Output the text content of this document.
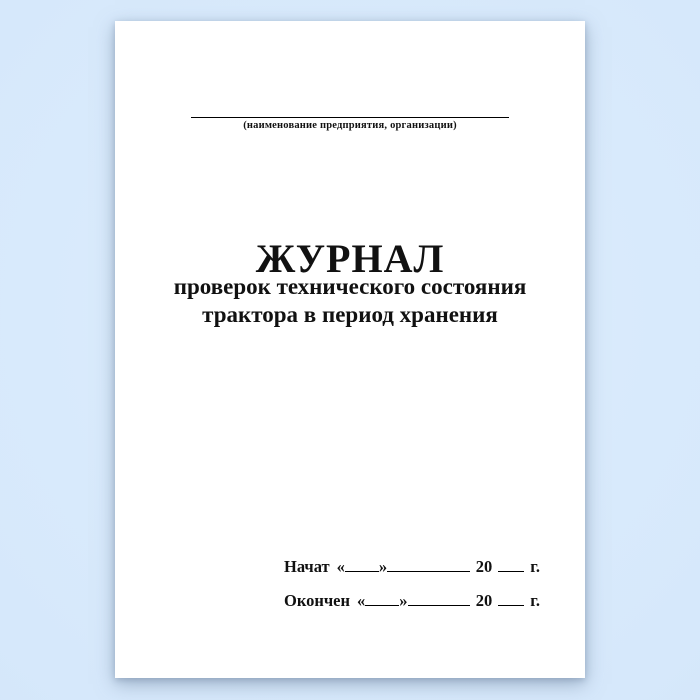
(наименование предприятия, организации)
ЖУРНАЛ
проверок технического состояния
трактора в период хранения
Начат « »	20 г.
Окончен « »	20 г.
